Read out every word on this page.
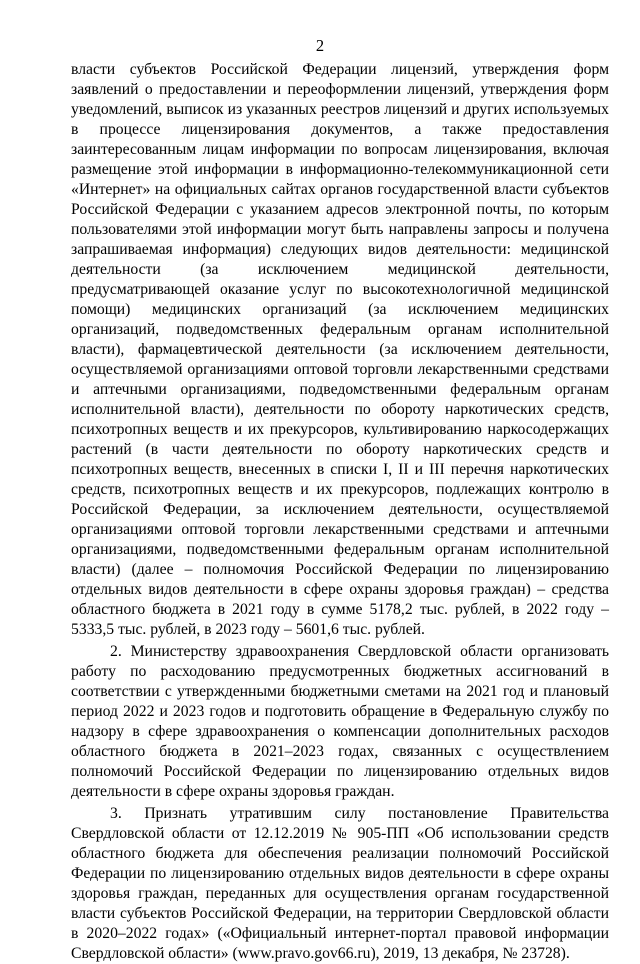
2

власти субъектов Российской Федерации лицензий, утверждения форм заявлений о предоставлении и переоформлении лицензий, утверждения форм уведомлений, выписок из указанных реестров лицензий и других используемых в процессе лицензирования документов, а также предоставления заинтересованным лицам информации по вопросам лицензирования, включая размещение этой информации в информационно-телекоммуникационной сети «Интернет» на официальных сайтах органов государственной власти субъектов Российской Федерации с указанием адресов электронной почты, по которым пользователями этой информации могут быть направлены запросы и получена запрашиваемая информация) следующих видов деятельности: медицинской деятельности (за исключением медицинской деятельности, предусматривающей оказание услуг по высокотехнологичной медицинской помощи) медицинских организаций (за исключением медицинских организаций, подведомственных федеральным органам исполнительной власти), фармацевтической деятельности (за исключением деятельности, осуществляемой организациями оптовой торговли лекарственными средствами и аптечными организациями, подведомственными федеральным органам исполнительной власти), деятельности по обороту наркотических средств, психотропных веществ и их прекурсоров, культивированию наркосодержащих растений (в части деятельности по обороту наркотических средств и психотропных веществ, внесенных в списки I, II и III перечня наркотических средств, психотропных веществ и их прекурсоров, подлежащих контролю в Российской Федерации, за исключением деятельности, осуществляемой организациями оптовой торговли лекарственными средствами и аптечными организациями, подведомственными федеральным органам исполнительной власти) (далее – полномочия Российской Федерации по лицензированию отдельных видов деятельности в сфере охраны здоровья граждан) – средства областного бюджета в 2021 году в сумме 5178,2 тыс. рублей, в 2022 году – 5333,5 тыс. рублей, в 2023 году – 5601,6 тыс. рублей.

2. Министерству здравоохранения Свердловской области организовать работу по расходованию предусмотренных бюджетных ассигнований в соответствии с утвержденными бюджетными сметами на 2021 год и плановый период 2022 и 2023 годов и подготовить обращение в Федеральную службу по надзору в сфере здравоохранения о компенсации дополнительных расходов областного бюджета в 2021–2023 годах, связанных с осуществлением полномочий Российской Федерации по лицензированию отдельных видов деятельности в сфере охраны здоровья граждан.

3. Признать утратившим силу постановление Правительства Свердловской области от 12.12.2019 № 905-ПП «Об использовании средств областного бюджета для обеспечения реализации полномочий Российской Федерации по лицензированию отдельных видов деятельности в сфере охраны здоровья граждан, переданных для осуществления органам государственной власти субъектов Российской Федерации, на территории Свердловской области в 2020–2022 годах» («Официальный интернет-портал правовой информации Свердловской области» (www.pravo.gov66.ru), 2019, 13 декабря, № 23728).
